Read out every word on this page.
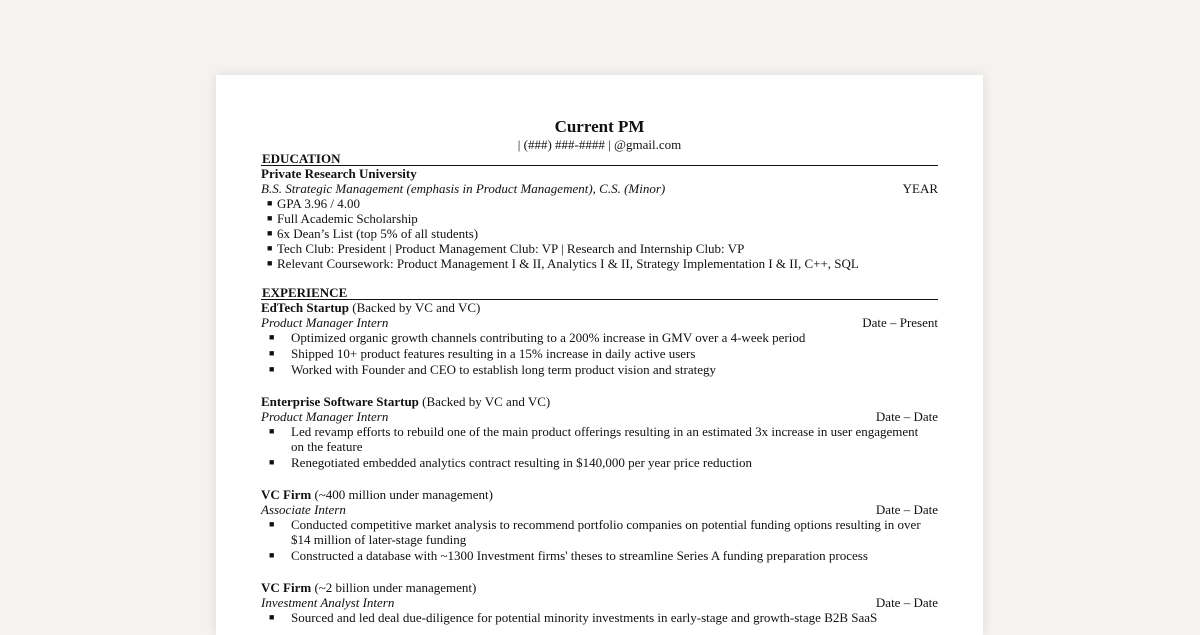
Current PM
| (###) ###-#### | @gmail.com
EDUCATION
Private Research University
B.S. Strategic Management (emphasis in Product Management), C.S. (Minor)	YEAR
■ GPA 3.96 / 4.00
■ Full Academic Scholarship
■ 6x Dean’s List (top 5% of all students)
■ Tech Club: President | Product Management Club: VP | Research and Internship Club: VP
■ Relevant Coursework: Product Management I & II, Analytics I & II, Strategy Implementation I & II, C++, SQL
EXPERIENCE
EdTech Startup (Backed by VC and VC)
Product Manager Intern	Date – Present
■ Optimized organic growth channels contributing to a 200% increase in GMV over a 4-week period
■ Shipped 10+ product features resulting in a 15% increase in daily active users
■ Worked with Founder and CEO to establish long term product vision and strategy
Enterprise Software Startup (Backed by VC and VC)
Product Manager Intern	Date – Date
■ Led revamp efforts to rebuild one of the main product offerings resulting in an estimated 3x increase in user engagement on the feature
■ Renegotiated embedded analytics contract resulting in $140,000 per year price reduction
VC Firm (~400 million under management)
Associate Intern	Date – Date
■ Conducted competitive market analysis to recommend portfolio companies on potential funding options resulting in over $14 million of later-stage funding
■ Constructed a database with ~1300 Investment firms' theses to streamline Series A funding preparation process
VC Firm (~2 billion under management)
Investment Analyst Intern	Date – Date
■ Sourced and led deal due-diligence for potential minority investments in early-stage and growth-stage B2B SaaS
